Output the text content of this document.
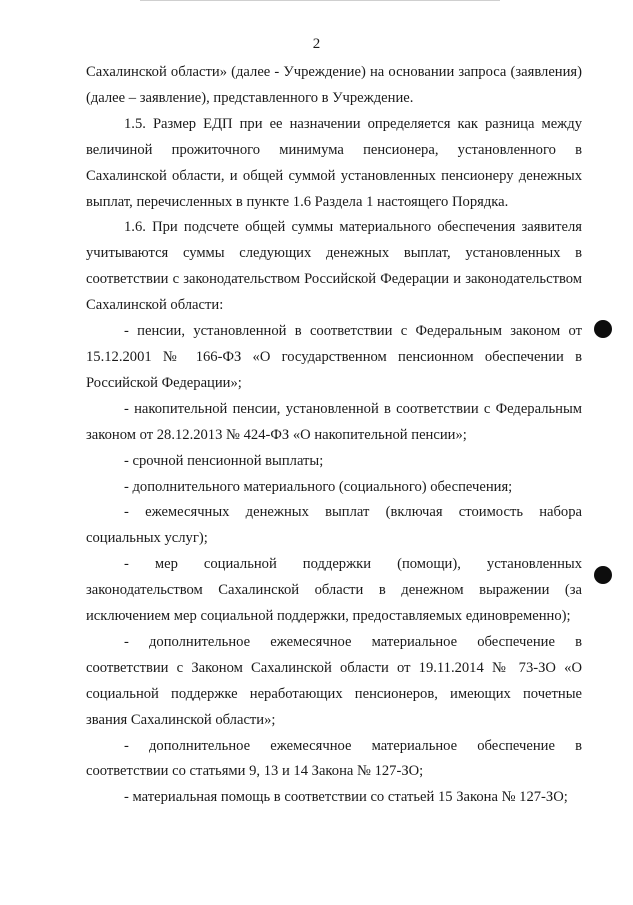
2

Сахалинской области» (далее - Учреждение) на основании запроса (заявления) (далее – заявление), представленного в Учреждение.

1.5. Размер ЕДП при ее назначении определяется как разница между величиной прожиточного минимума пенсионера, установленного в Сахалинской области, и общей суммой установленных пенсионеру денежных выплат, перечисленных в пункте 1.6 Раздела 1 настоящего Порядка.

1.6. При подсчете общей суммы материального обеспечения заявителя учитываются суммы следующих денежных выплат, установленных в соответствии с законодательством Российской Федерации и законодательством Сахалинской области:

- пенсии, установленной в соответствии с Федеральным законом от 15.12.2001 № 166-ФЗ «О государственном пенсионном обеспечении в Российской Федерации»;

- накопительной пенсии, установленной в соответствии с Федеральным законом от 28.12.2013 № 424-ФЗ «О накопительной пенсии»;

- срочной пенсионной выплаты;

- дополнительного материального (социального) обеспечения;

- ежемесячных денежных выплат (включая стоимость набора социальных услуг);

- мер социальной поддержки (помощи), установленных законодательством Сахалинской области в денежном выражении (за исключением мер социальной поддержки, предоставляемых единовременно);

- дополнительное ежемесячное материальное обеспечение в соответствии с Законом Сахалинской области от 19.11.2014 № 73-ЗО «О социальной поддержке неработающих пенсионеров, имеющих почетные звания Сахалинской области»;

- дополнительное ежемесячное материальное обеспечение в соответствии со статьями 9, 13 и 14 Закона № 127-ЗО;

- материальная помощь в соответствии со статьей 15 Закона № 127-ЗО;
